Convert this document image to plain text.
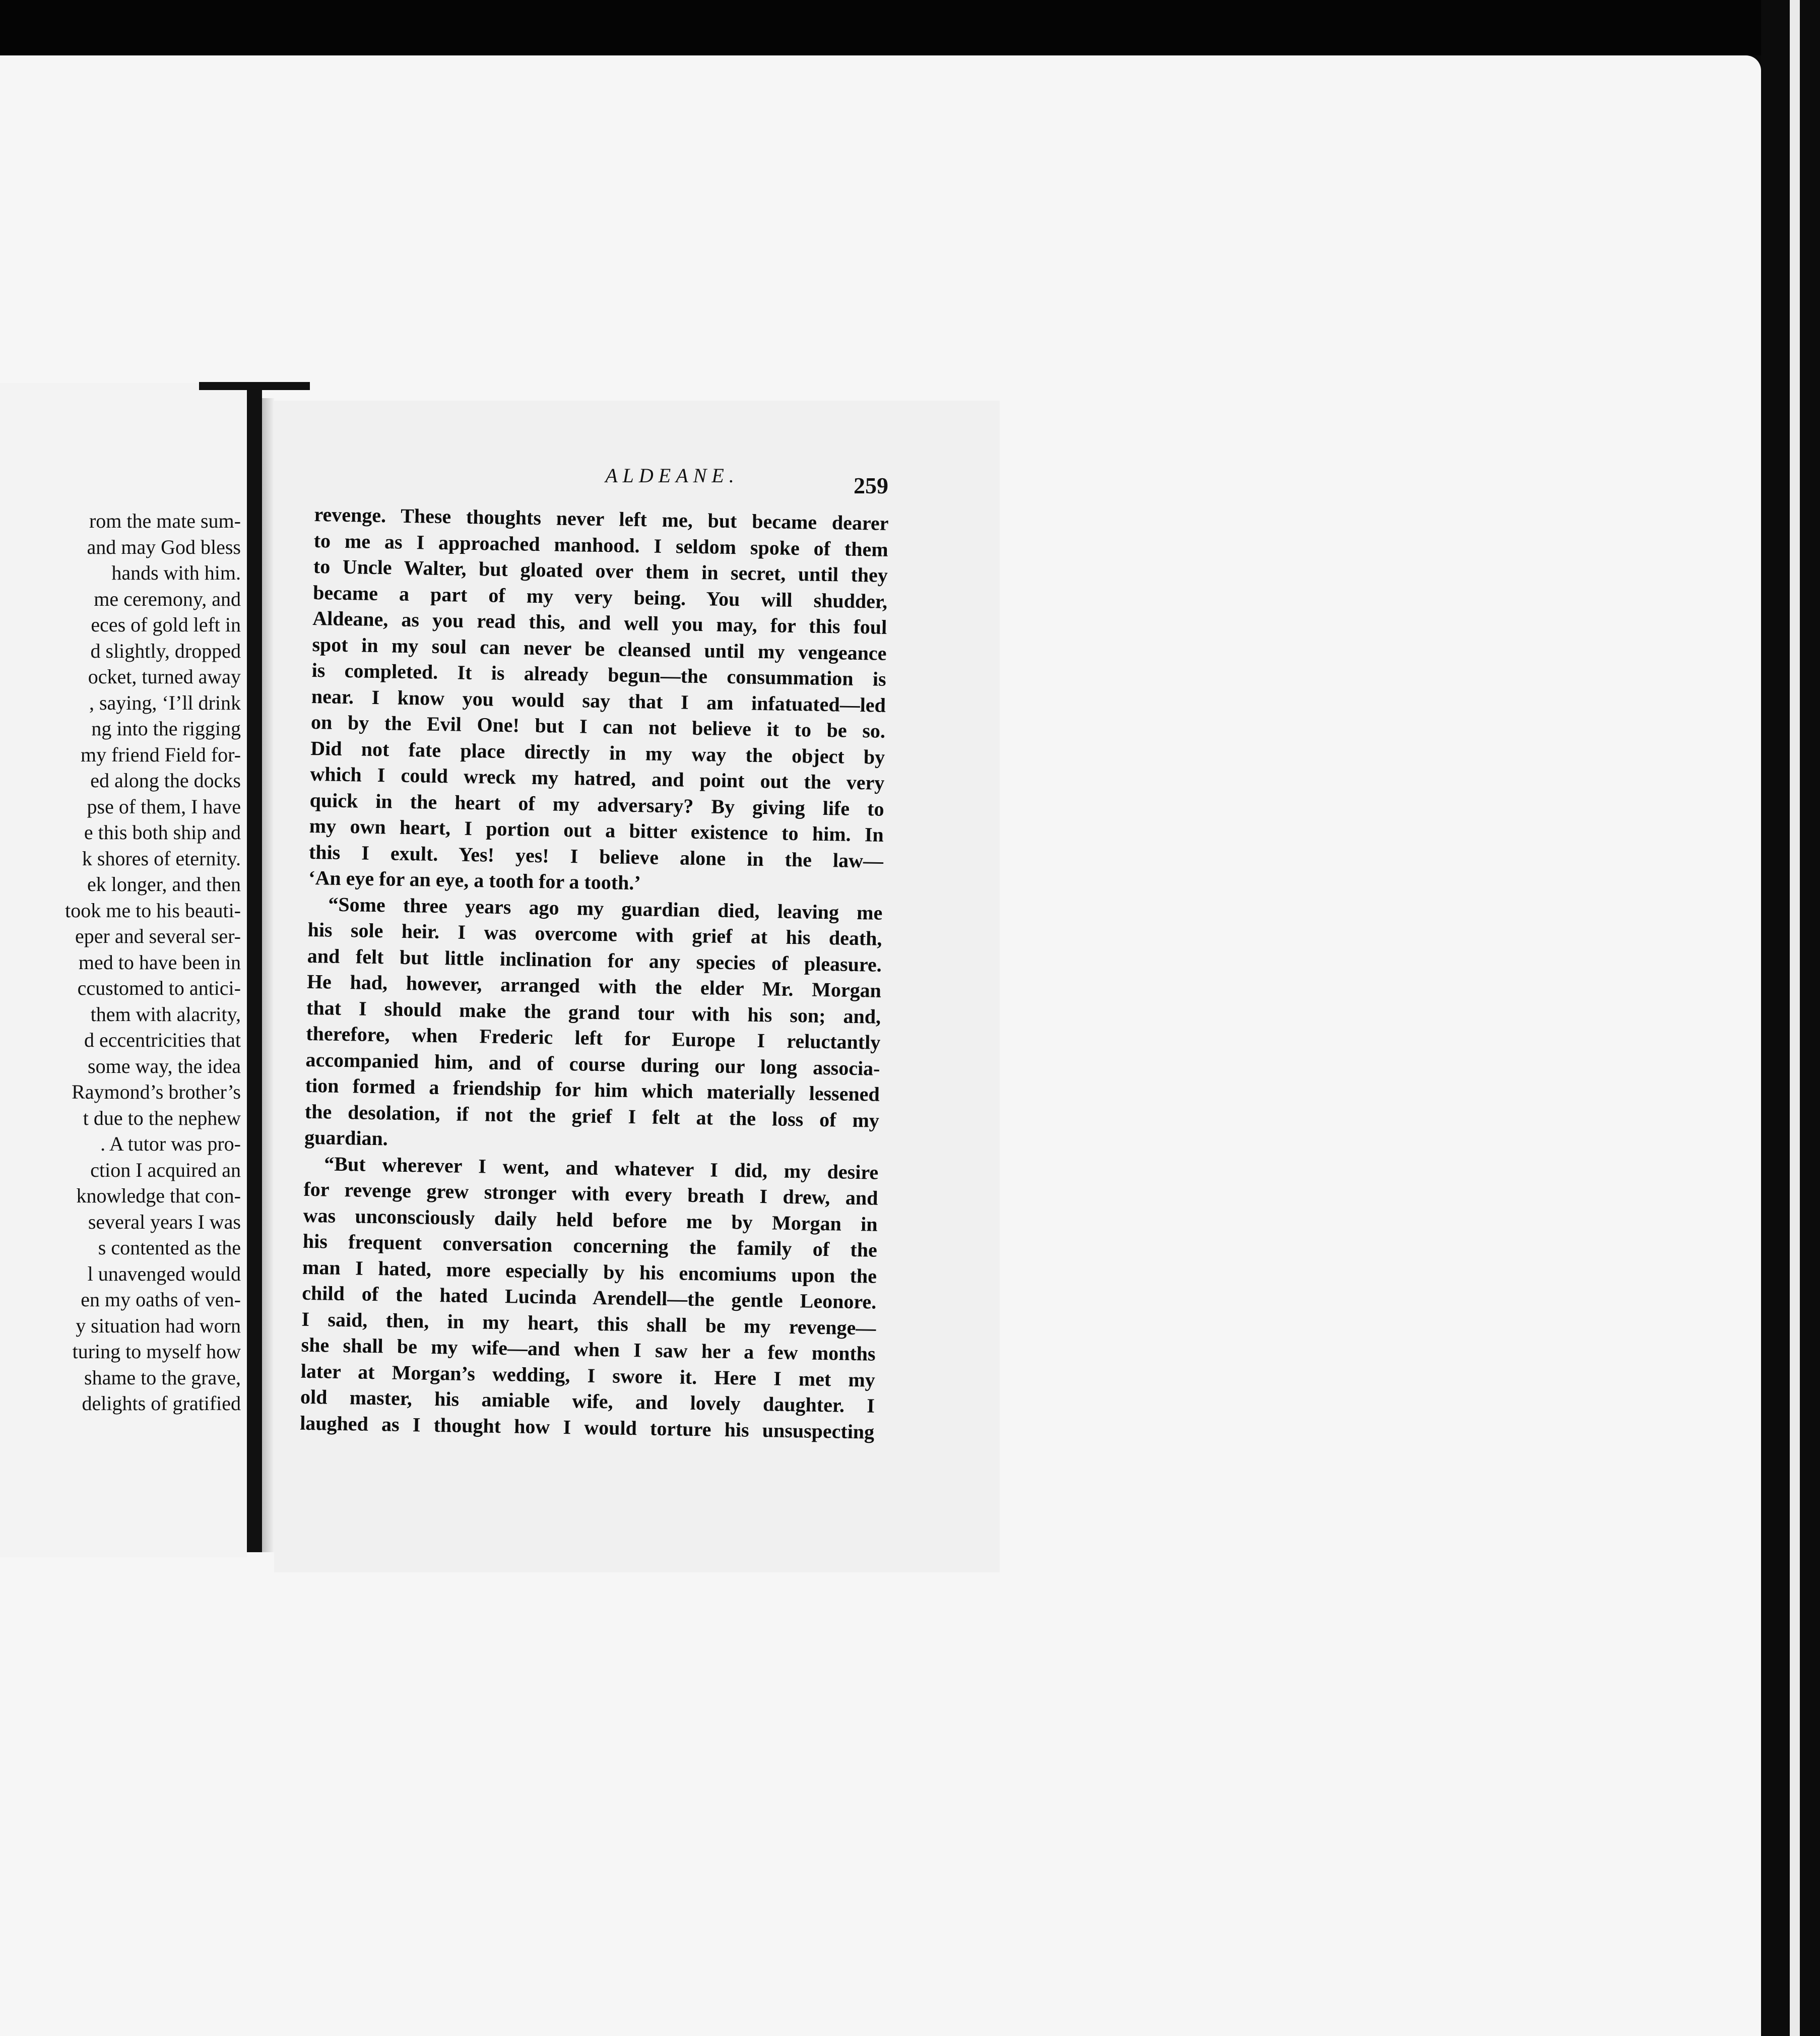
rom the mate sum-
and may God bless
hands with him.
me ceremony, and
eces of gold left in
d slightly, dropped
ocket, turned away
, saying, ‘I’ll drink
ng into the rigging
my friend Field for-
ed along the docks
pse of them, I have
e this both ship and
k shores of eternity.
ek longer, and then
took me to his beauti-
eper and several ser-
med to have been in
ccustomed to antici-
them with alacrity,
d eccentricities that
some way, the idea
Raymond’s brother’s
t due to the nephew
. A tutor was pro-
ction I acquired an
knowledge that con-
several years I was
s contented as the
l unavenged would
en my oaths of ven-
y situation had worn
turing to myself how
shame to the grave,
delights of gratified
ALDEANE.	259
revenge. These thoughts never left me, but became dearer
to me as I approached manhood. I seldom spoke of them
to Uncle Walter, but gloated over them in secret, until they
became a part of my very being. You will shudder,
Aldeane, as you read this, and well you may, for this foul
spot in my soul can never be cleansed until my vengeance
is completed. It is already begun—the consummation is
near. I know you would say that I am infatuated—led
on by the Evil One! but I can not believe it to be so.
Did not fate place directly in my way the object by
which I could wreck my hatred, and point out the very
quick in the heart of my adversary? By giving life to
my own heart, I portion out a bitter existence to him. In
this I exult. Yes! yes! I believe alone in the law—
‘An eye for an eye, a tooth for a tooth.’
“Some three years ago my guardian died, leaving me
his sole heir. I was overcome with grief at his death,
and felt but little inclination for any species of pleasure.
He had, however, arranged with the elder Mr. Morgan
that I should make the grand tour with his son; and,
therefore, when Frederic left for Europe I reluctantly
accompanied him, and of course during our long associa-
tion formed a friendship for him which materially lessened
the desolation, if not the grief I felt at the loss of my
guardian.
“But wherever I went, and whatever I did, my desire
for revenge grew stronger with every breath I drew, and
was unconsciously daily held before me by Morgan in
his frequent conversation concerning the family of the
man I hated, more especially by his encomiums upon the
child of the hated Lucinda Arendell—the gentle Leonore.
I said, then, in my heart, this shall be my revenge—
she shall be my wife—and when I saw her a few months
later at Morgan’s wedding, I swore it. Here I met my
old master, his amiable wife, and lovely daughter. I
laughed as I thought how I would torture his unsuspecting
